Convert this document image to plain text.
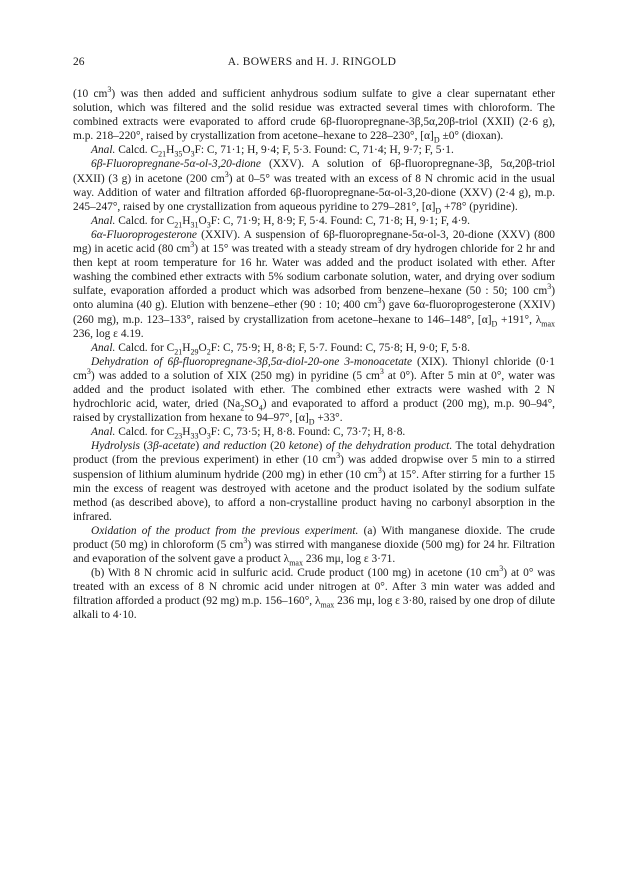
26	A. BOWERS and H. J. RINGOLD

(10 $cm^3$) was then added and sufficient anhydrous sodium sulfate to give a clear supernatant ether solution, which was filtered and the solid residue was extracted several times with chloroform. The combined extracts were evaporated to afford crude 6β-fluoropregnane-3β,5α,20β-triol (XXII) (2·6 g), m.p. 218–220°, raised by crystallization from acetone–hexane to 228–230°, $[\alpha]_D \pm 0^\circ$ (dioxan).

Anal. Calcd. $C_{21}H_{35}O_3F$: C, 71·1; H, 9·4; F, 5·3. Found: C, 71·4; H, 9·7; F, 5·1.

6β-Fluoropregnane-5α-ol-3,20-dione (XXV). A solution of 6β-fluoropregnane-3β, 5α,20β-triol (XXII) (3 g) in acetone (200 $cm^3$) at 0–5° was treated with an excess of 8 N chromic acid in the usual way. Addition of water and filtration afforded 6β-fluoropregnane-5α-ol-3,20-dione (XXV) (2·4 g), m.p. 245–247°, raised by one crystallization from aqueous pyridine to 279–281°, $[\alpha]_D +78^\circ$ (pyridine).

Anal. Calcd. for $C_{21}H_{31}O_3F$: C, 71·9; H, 8·9; F, 5·4. Found: C, 71·8; H, 9·1; F, 4·9.

6α-Fluoroprogesterone (XXIV). A suspension of 6β-fluoropregnane-5α-ol-3, 20-dione (XXV) (800 mg) in acetic acid (80 $cm^3$) at 15° was treated with a steady stream of dry hydrogen chloride for 2 hr and then kept at room temperature for 16 hr. Water was added and the product isolated with ether. After washing the combined ether extracts with 5% sodium carbonate solution, water, and drying over sodium sulfate, evaporation afforded a product which was adsorbed from benzene–hexane (50 : 50; 100 $cm^3$) onto alumina (40 g). Elution with benzene–ether (90 : 10; 400 $cm^3$) gave 6α-fluoroprogesterone (XXIV) (260 mg), m.p. 123–133°, raised by crystallization from acetone–hexane to 146–148°, $[\alpha]_D +191^\circ$, $\lambda_{max}$ 236, log ε 4.19.

Anal. Calcd. for $C_{21}H_{29}O_2F$: C, 75·9; H, 8·8; F, 5·7. Found: C, 75·8; H, 9·0; F, 5·8.

Dehydration of 6β-fluoropregnane-3β,5α-diol-20-one 3-monoacetate (XIX). Thionyl chloride (0·1 $cm^3$) was added to a solution of XIX (250 mg) in pyridine (5 $cm^3$ at 0°). After 5 min at 0°, water was added and the product isolated with ether. The combined ether extracts were washed with 2 N hydrochloric acid, water, dried $(Na_2SO_4)$ and evaporated to afford a product (200 mg), m.p. 90–94°, raised by crystallization from hexane to 94–97°, $[\alpha]_D +33^\circ$.

Anal. Calcd. for $C_{23}H_{33}O_3F$: C, 73·5; H, 8·8. Found: C, 73·7; H, 8·8.

Hydrolysis (3β-acetate) and reduction (20 ketone) of the dehydration product. The total dehydration product (from the previous experiment) in ether (10 $cm^3$) was added dropwise over 5 min to a stirred suspension of lithium aluminum hydride (200 mg) in ether (10 $cm^3$) at 15°. After stirring for a further 15 min the excess of reagent was destroyed with acetone and the product isolated by the sodium sulfate method (as described above), to afford a non-crystalline product having no carbonyl absorption in the infrared.

Oxidation of the product from the previous experiment. (a) With manganese dioxide. The crude product (50 mg) in chloroform (5 $cm^3$) was stirred with manganese dioxide (500 mg) for 24 hr. Filtration and evaporation of the solvent gave a product $\lambda_{max}$ 236 mμ, log ε 3·71.

(b) With 8 N chromic acid in sulfuric acid. Crude product (100 mg) in acetone (10 $cm^3$) at 0° was treated with an excess of 8 N chromic acid under nitrogen at 0°. After 3 min water was added and filtration afforded a product (92 mg) m.p. 156–160°, $\lambda_{max}$ 236 mμ, log ε 3·80, raised by one drop of dilute alkali to 4·10.
